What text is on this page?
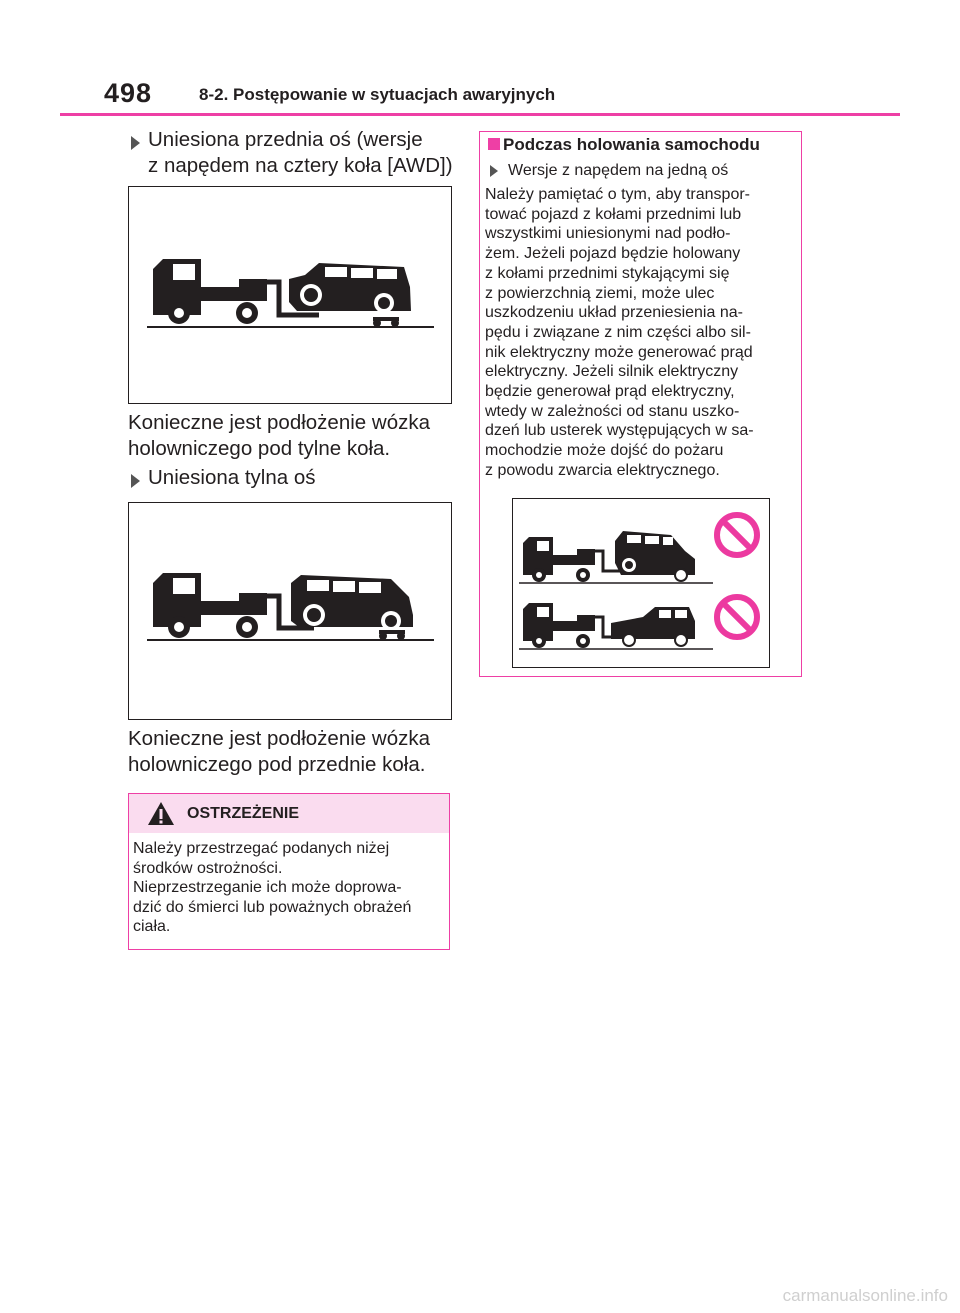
498	8-2. Postępowanie w sytuacjach awaryjnych
Uniesiona przednia oś (wersje
z napędem na cztery koła [AWD])
Konieczne jest podłożenie wózka
holowniczego pod tylne koła.
Uniesiona tylna oś
Konieczne jest podłożenie wózka
holowniczego pod przednie koła.
OSTRZEŻENIE
Należy przestrzegać podanych niżej
środków ostrożności.
Nieprzestrzeganie ich może doprowa-
dzić do śmierci lub poważnych obrażeń
ciała.
Podczas holowania samochodu
Wersje z napędem na jedną oś
Należy pamiętać o tym, aby transpor-
tować pojazd z kołami przednimi lub
wszystkimi uniesionymi nad podło-
żem. Jeżeli pojazd będzie holowany
z kołami przednimi stykającymi się
z powierzchnią ziemi, może ulec
uszkodzeniu układ przeniesienia na-
pędu i związane z nim części albo sil-
nik elektryczny może generować prąd
elektryczny. Jeżeli silnik elektryczny
będzie generował prąd elektryczny,
wtedy w zależności od stanu uszko-
dzeń lub usterek występujących w sa-
mochodzie może dojść do pożaru
z powodu zwarcia elektrycznego.
carmanualsonline.info
